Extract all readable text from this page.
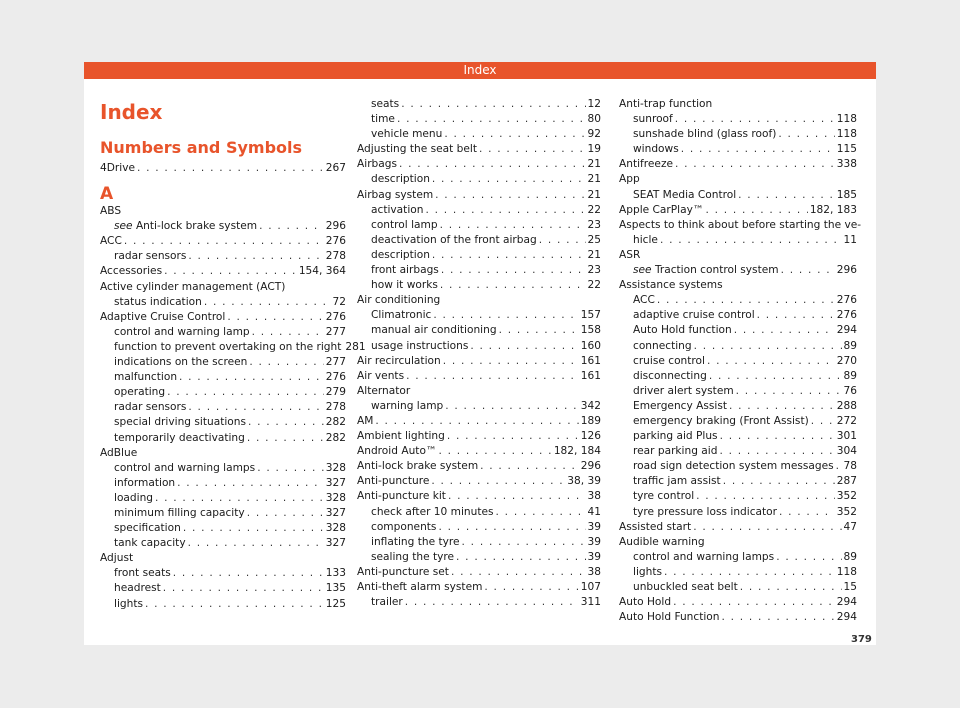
Index
Index
Numbers and Symbols
4Drive . . .	267
A
ABS
see Anti-lock brake system . . .	296
ACC . . .	276
radar sensors . . .	278
Accessories . . .	154, 364
Active cylinder management (ACT)
status indication . . .	72
Adaptive Cruise Control . . .	276
control and warning lamp . . .	277
function to prevent overtaking on the right 281
indications on the screen . . .	277
malfunction . . .	276
operating . . .	279
radar sensors . . .	278
special driving situations . . .	282
temporarily deactivating . . .	282
AdBlue
control and warning lamps . . .	328
information . . .	327
loading . . .	328
minimum filling capacity . . .	327
specification . . .	328
tank capacity . . .	327
Adjust
front seats . . .	133
headrest . . .	135
lights . . .	125
seats . . .	12
time . . .	80
vehicle menu . . .	92
Adjusting the seat belt . . .	19
Airbags . . .	21
description . . .	21
Airbag system . . .	21
activation . . .	22
control lamp . . .	23
deactivation of the front airbag . . .	25
description . . .	21
front airbags . . .	23
how it works . . .	22
Air conditioning
Climatronic . . .	157
manual air conditioning . . .	158
usage instructions . . .	160
Air recirculation . . .	161
Air vents . . .	161
Alternator
warning lamp . . .	342
AM . . .	189
Ambient lighting . . .	126
Android Auto™ . . .	182, 184
Anti-lock brake system . . .	296
Anti-puncture . . .	38, 39
Anti-puncture kit . . .	38
check after 10 minutes . . .	41
components . . .	39
inflating the tyre . . .	39
sealing the tyre . . .	39
Anti-puncture set . . .	38
Anti-theft alarm system . . .	107
trailer . . .	311
Anti-trap function
sunroof . . .	118
sunshade blind (glass roof) . . .	118
windows . . .	115
Antifreeze . . .	338
App
SEAT Media Control . . .	185
Apple CarPlay™ . . .	182, 183
Aspects to think about before starting the ve-
hicle . . .	11
ASR
see Traction control system . . .	296
Assistance systems
ACC . . .	276
adaptive cruise control . . .	276
Auto Hold function . . .	294
connecting . . .	89
cruise control . . .	270
disconnecting . . .	89
driver alert system . . .	76
Emergency Assist . . .	288
emergency braking (Front Assist) . . .	272
parking aid Plus . . .	301
rear parking aid . . .	304
road sign detection system messages . . . 78
traffic jam assist . . .	287
tyre control . . .	352
tyre pressure loss indicator . . .	352
Assisted start . . .	47
Audible warning
control and warning lamps . . .	89
lights . . .	118
unbuckled seat belt . . .	15
Auto Hold . . .	294
Auto Hold Function . . .	294
379
